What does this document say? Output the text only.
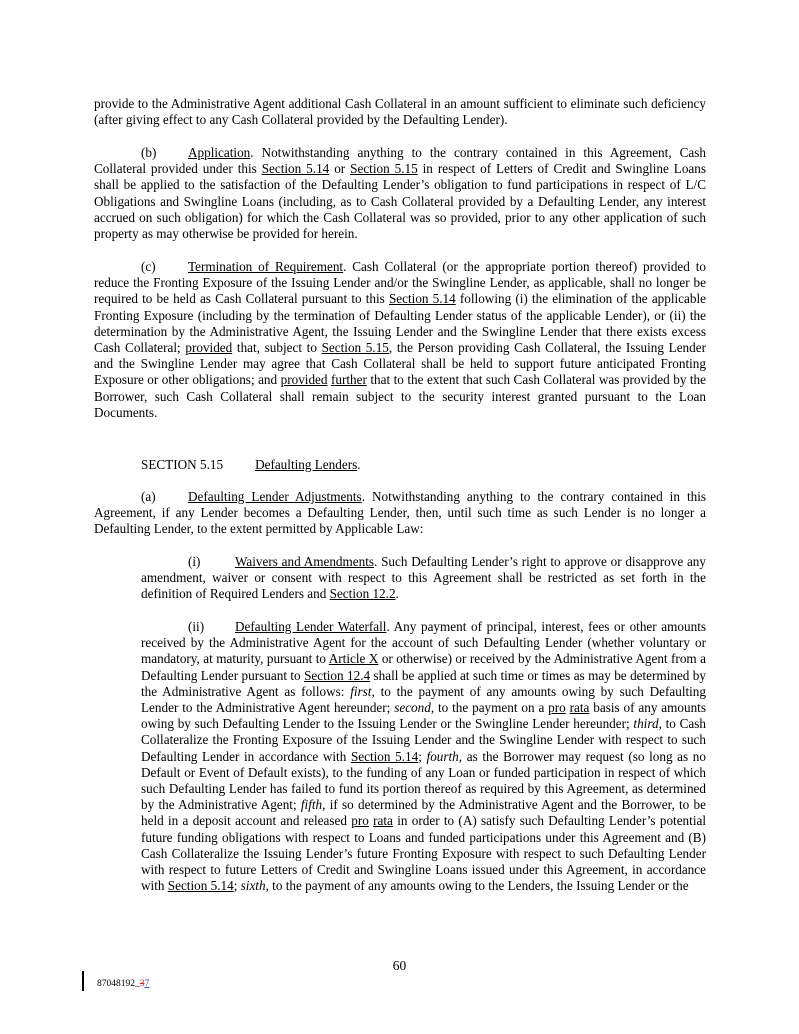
provide to the Administrative Agent additional Cash Collateral in an amount sufficient to eliminate such deficiency (after giving effect to any Cash Collateral provided by the Defaulting Lender).

(b) Application. Notwithstanding anything to the contrary contained in this Agreement, Cash Collateral provided under this Section 5.14 or Section 5.15 in respect of Letters of Credit and Swingline Loans shall be applied to the satisfaction of the Defaulting Lender’s obligation to fund participations in respect of L/C Obligations and Swingline Loans (including, as to Cash Collateral provided by a Defaulting Lender, any interest accrued on such obligation) for which the Cash Collateral was so provided, prior to any other application of such property as may otherwise be provided for herein.

(c) Termination of Requirement. Cash Collateral (or the appropriate portion thereof) provided to reduce the Fronting Exposure of the Issuing Lender and/or the Swingline Lender, as applicable, shall no longer be required to be held as Cash Collateral pursuant to this Section 5.14 following (i) the elimination of the applicable Fronting Exposure (including by the termination of Defaulting Lender status of the applicable Lender), or (ii) the determination by the Administrative Agent, the Issuing Lender and the Swingline Lender that there exists excess Cash Collateral; provided that, subject to Section 5.15, the Person providing Cash Collateral, the Issuing Lender and the Swingline Lender may agree that Cash Collateral shall be held to support future anticipated Fronting Exposure or other obligations; and provided further that to the extent that such Cash Collateral was provided by the Borrower, such Cash Collateral shall remain subject to the security interest granted pursuant to the Loan Documents.

SECTION 5.15 Defaulting Lenders.

(a) Defaulting Lender Adjustments. Notwithstanding anything to the contrary contained in this Agreement, if any Lender becomes a Defaulting Lender, then, until such time as such Lender is no longer a Defaulting Lender, to the extent permitted by Applicable Law:

(i)	Waivers and Amendments. Such Defaulting Lender’s right to approve or disapprove any amendment, waiver or consent with respect to this Agreement shall be restricted as set forth in the definition of Required Lenders and Section 12.2.

(ii) Defaulting Lender Waterfall. Any payment of principal, interest, fees or other amounts received by the Administrative Agent for the account of such Defaulting Lender (whether voluntary or mandatory, at maturity, pursuant to Article X or otherwise) or received by the Administrative Agent from a Defaulting Lender pursuant to Section 12.4 shall be applied at such time or times as may be determined by the Administrative Agent as follows: first, to the payment of any amounts owing by such Defaulting Lender to the Administrative Agent hereunder; second, to the payment on a pro rata basis of any amounts owing by such Defaulting Lender to the Issuing Lender or the Swingline Lender hereunder; third, to Cash Collateralize the Fronting Exposure of the Issuing Lender and the Swingline Lender with respect to such Defaulting Lender in accordance with Section 5.14; fourth, as the Borrower may request (so long as no Default or Event of Default exists), to the funding of any Loan or funded participation in respect of which such Defaulting Lender has failed to fund its portion thereof as required by this Agreement, as determined by the Administrative Agent; fifth, if so determined by the Administrative Agent and the Borrower, to be held in a deposit account and released pro rata in order to (A) satisfy such Defaulting Lender’s potential future funding obligations with respect to Loans and funded participations under this Agreement and (B) Cash Collateralize the Issuing Lender’s future Fronting Exposure with respect to such Defaulting Lender with respect to future Letters of Credit and Swingline Loans issued under this Agreement, in accordance with Section 5.14; sixth, to the payment of any amounts owing to the Lenders, the Issuing Lender or the

60
87048192_37
